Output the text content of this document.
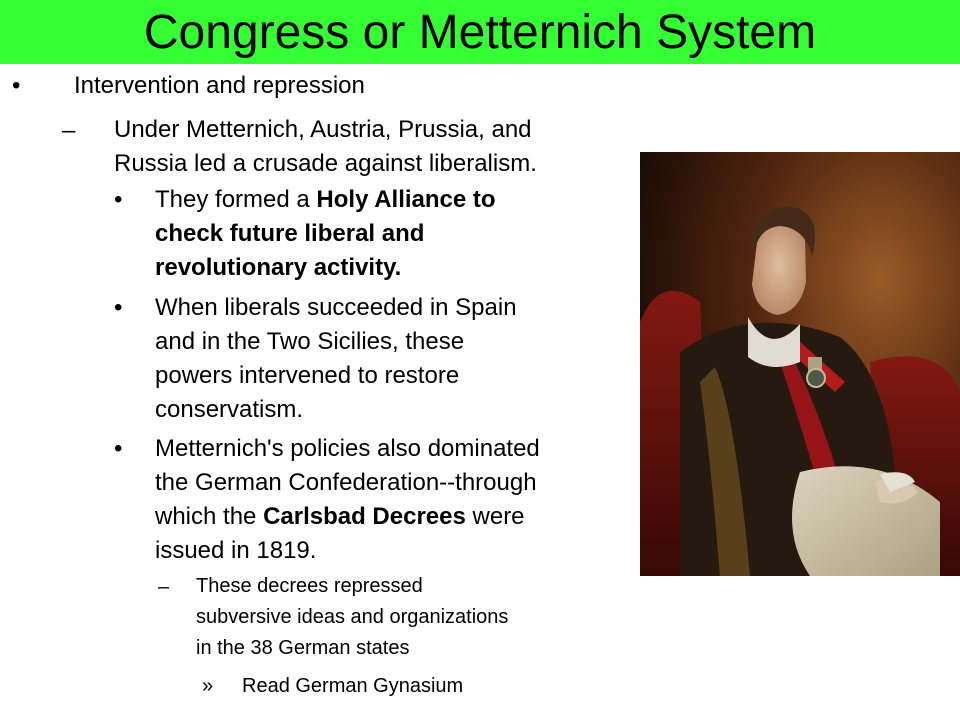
Congress or Metternich System
• Intervention and repression
– Under Metternich, Austria, Prussia, and
Russia led a crusade against liberalism.
• They formed a Holy Alliance to
check future liberal and
revolutionary activity.
• When liberals succeeded in Spain
and in the Two Sicilies, these
powers intervened to restore
conservatism.
• Metternich's policies also dominated
the German Confederation--through
which the Carlsbad Decrees were
issued in 1819.
– These decrees repressed
subversive ideas and organizations
in the 38 German states
» Read German Gynasium
